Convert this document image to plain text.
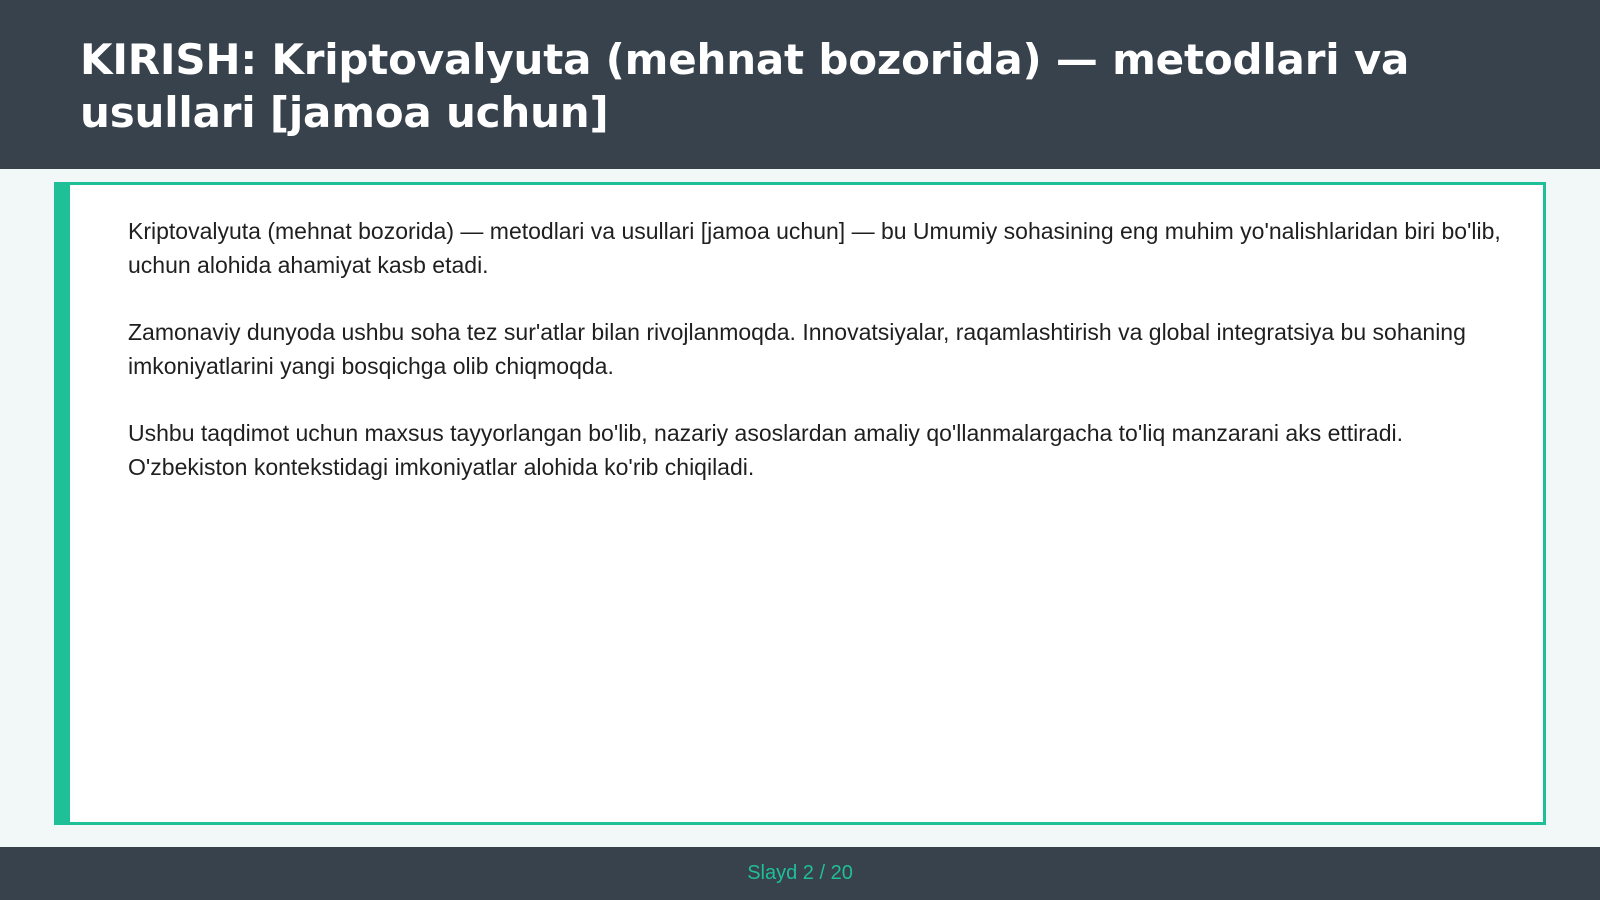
KIRISH: Kriptovalyuta (mehnat bozorida) — metodlari va usullari [jamoa uchun]

Kriptovalyuta (mehnat bozorida) — metodlari va usullari [jamoa uchun] — bu Umumiy sohasining eng muhim yo'nalishlaridan biri bo'lib, uchun alohida ahamiyat kasb etadi.

Zamonaviy dunyoda ushbu soha tez sur'atlar bilan rivojlanmoqda. Innovatsiyalar, raqamlashtirish va global integratsiya bu sohaning imkoniyatlarini yangi bosqichga olib chiqmoqda.

Ushbu taqdimot uchun maxsus tayyorlangan bo'lib, nazariy asoslardan amaliy qo'llanmalargacha to'liq manzarani aks ettiradi. O'zbekiston kontekstidagi imkoniyatlar alohida ko'rib chiqiladi.

Slayd 2 / 20
